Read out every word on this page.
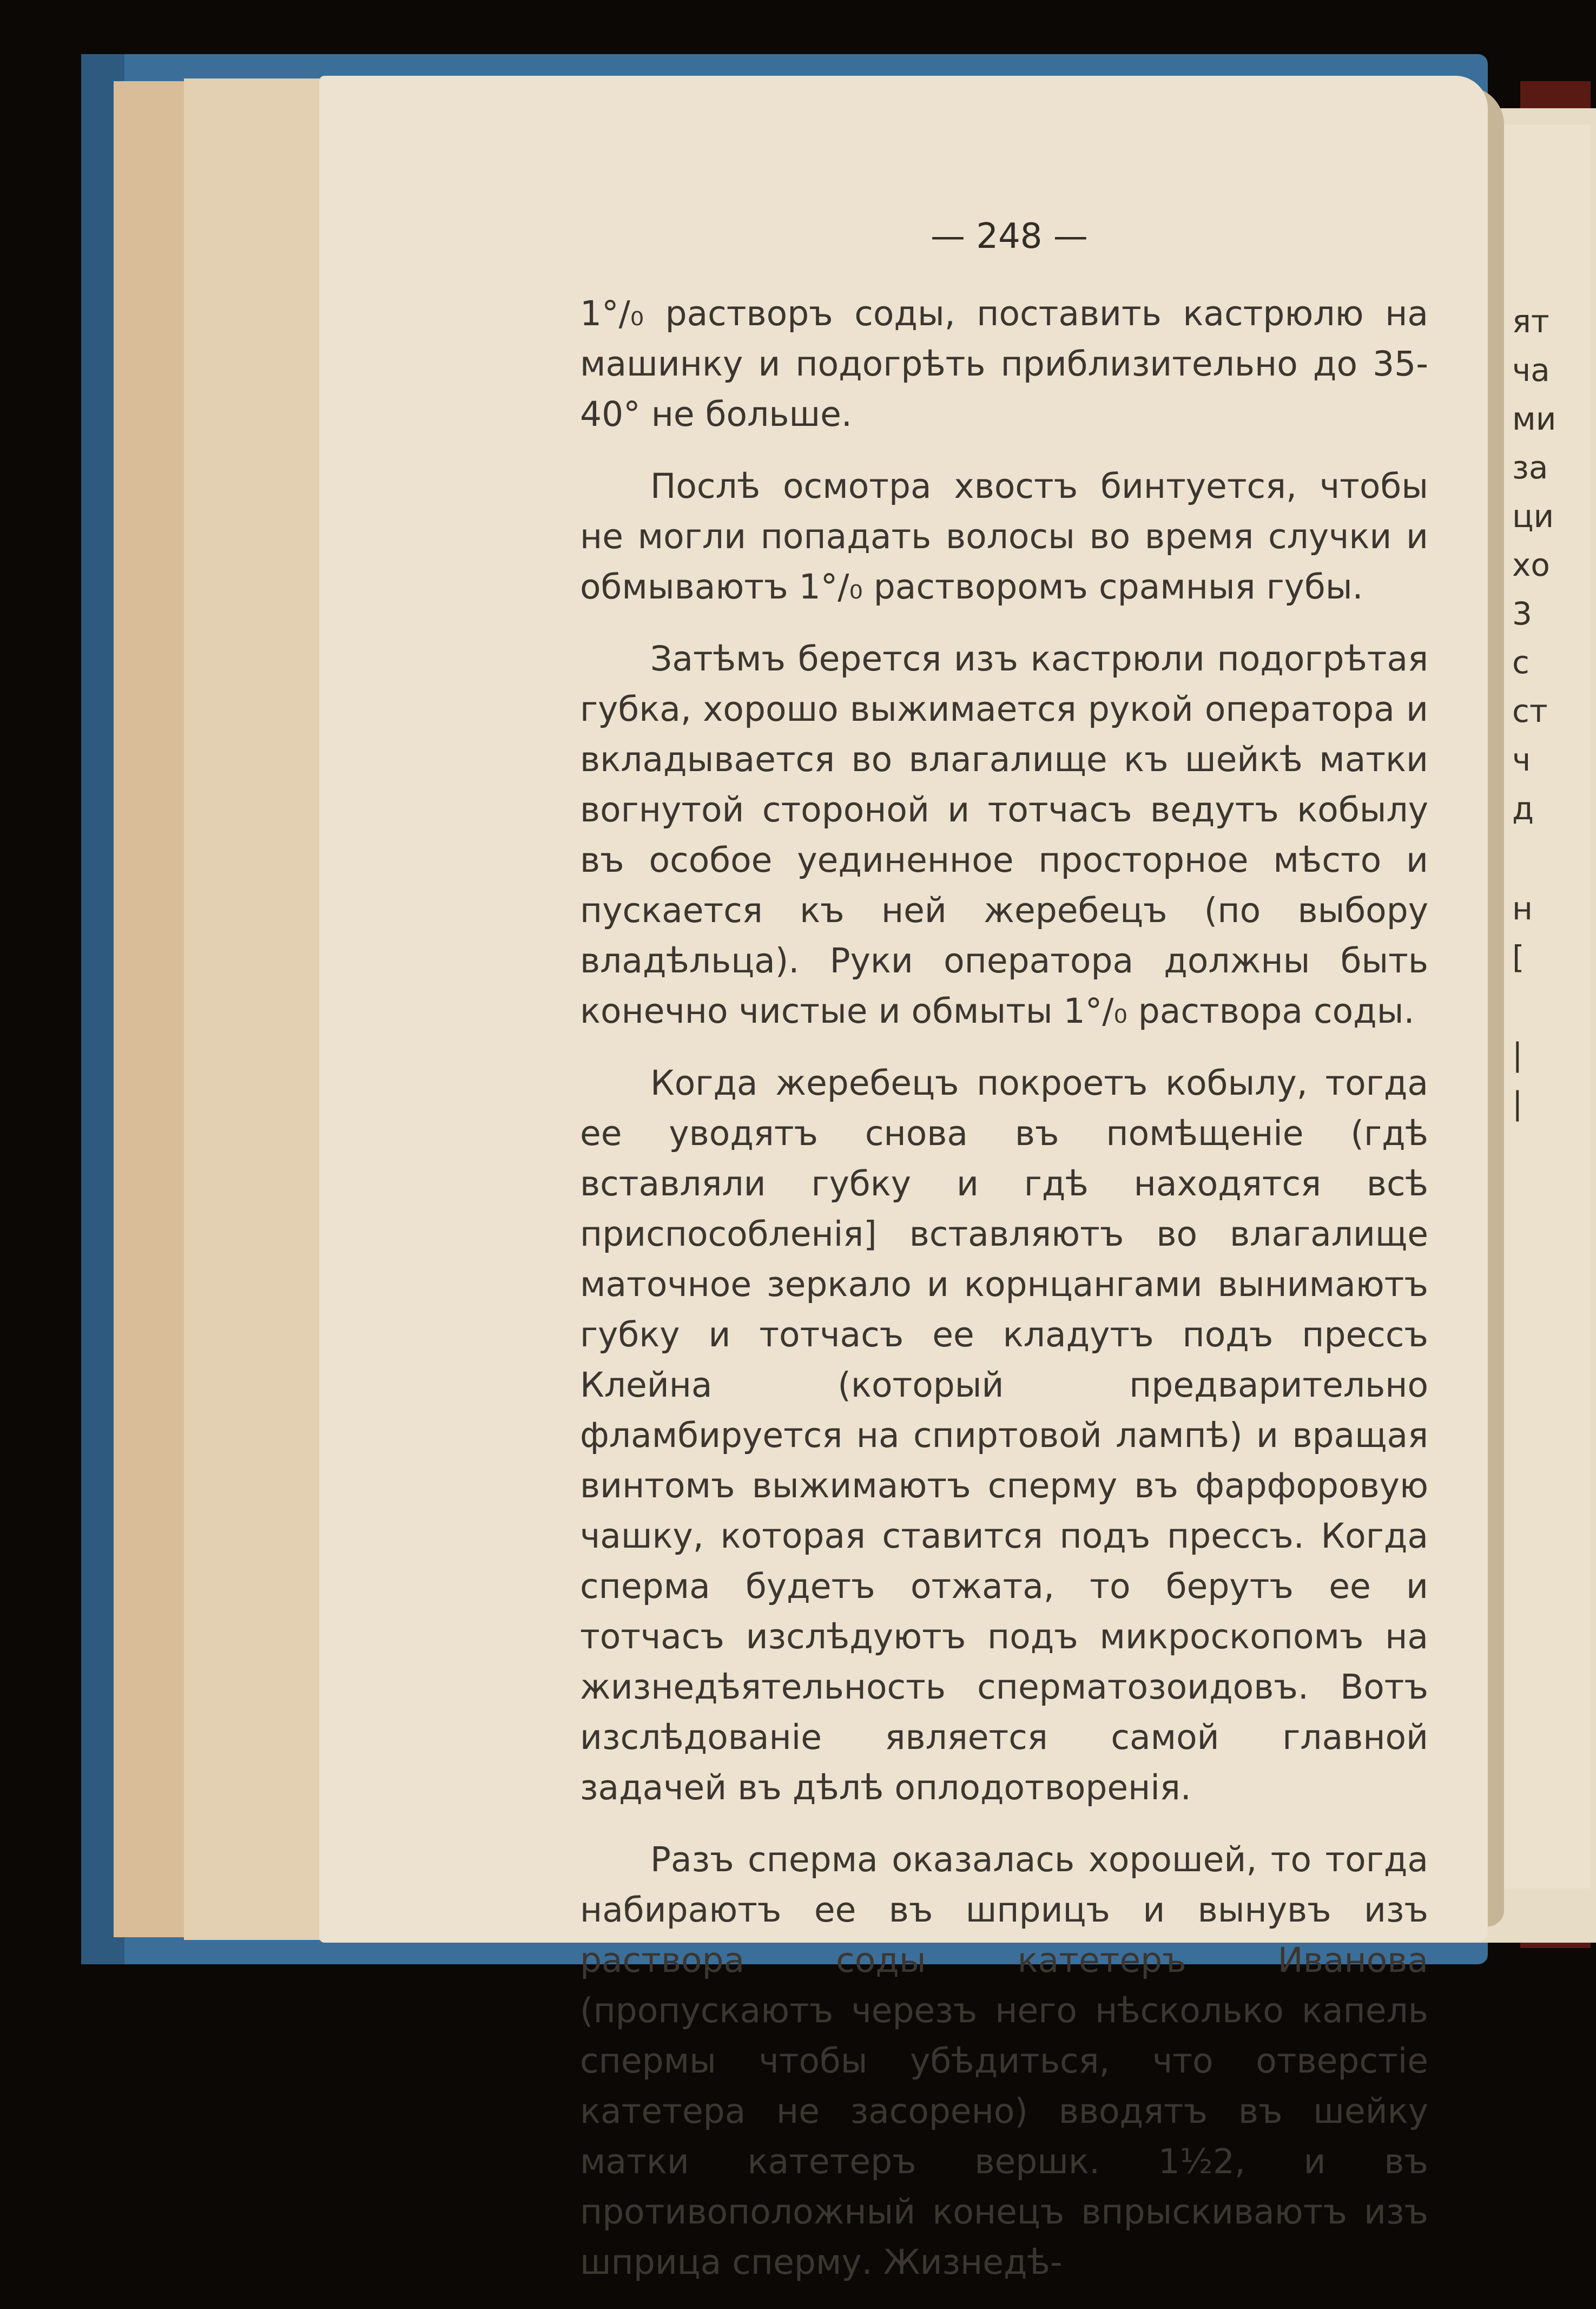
— 248 —

1°/₀ растворъ соды, поставить кастрюлю на машинку и подогрѣть приблизительно до 35-40° не больше.

Послѣ осмотра хвостъ бинтуется, чтобы не могли попадать волосы во время случки и обмываютъ 1°/₀ растворомъ срамныя губы.

Затѣмъ берется изъ кастрюли подогрѣтая губка, хорошо выжимается рукой оператора и вкладывается во влагалище къ шейкѣ матки вогнутой стороной и тотчасъ ведутъ кобылу въ особое уединенное просторное мѣсто и пускается къ ней жеребецъ (по выбору владѣльца). Руки оператора должны быть конечно чистые и обмыты 1°/₀ раствора соды.

Когда жеребецъ покроетъ кобылу, тогда ее уводятъ снова въ помѣщеніе (гдѣ вставляли губку и гдѣ находятся всѣ приспособленія] вставляютъ во влагалище маточное зеркало и корнцангами вынимаютъ губку и тотчасъ ее кладутъ подъ прессъ Клейна (который предварительно фламбируется на спиртовой лампѣ) и вращая винтомъ выжимаютъ сперму въ фарфоровую чашку, которая ставится подъ прессъ. Когда сперма будетъ отжата, то берутъ ее и тотчасъ изслѣдуютъ подъ микроскопомъ на жизнедѣятельность сперматозоидовъ. Вотъ изслѣдованіе является самой главной задачей въ дѣлѣ оплодотворенія.

Разъ сперма оказалась хорошей, то тогда набираютъ ее въ шприцъ и вынувъ изъ раствора соды катетеръ Иванова (пропускаютъ черезъ него нѣсколько капель спермы чтобы убѣдиться, что отверстіе катетера не засорено) вводятъ въ шейку матки катетеръ вершк. 1½2, и въ противоположный конецъ впрыскиваютъ изъ шприца сперму. Жизнедѣ-

ят
ча
ми
за
ци
хо
3
с
ст
ч
д
н
[
|
|
